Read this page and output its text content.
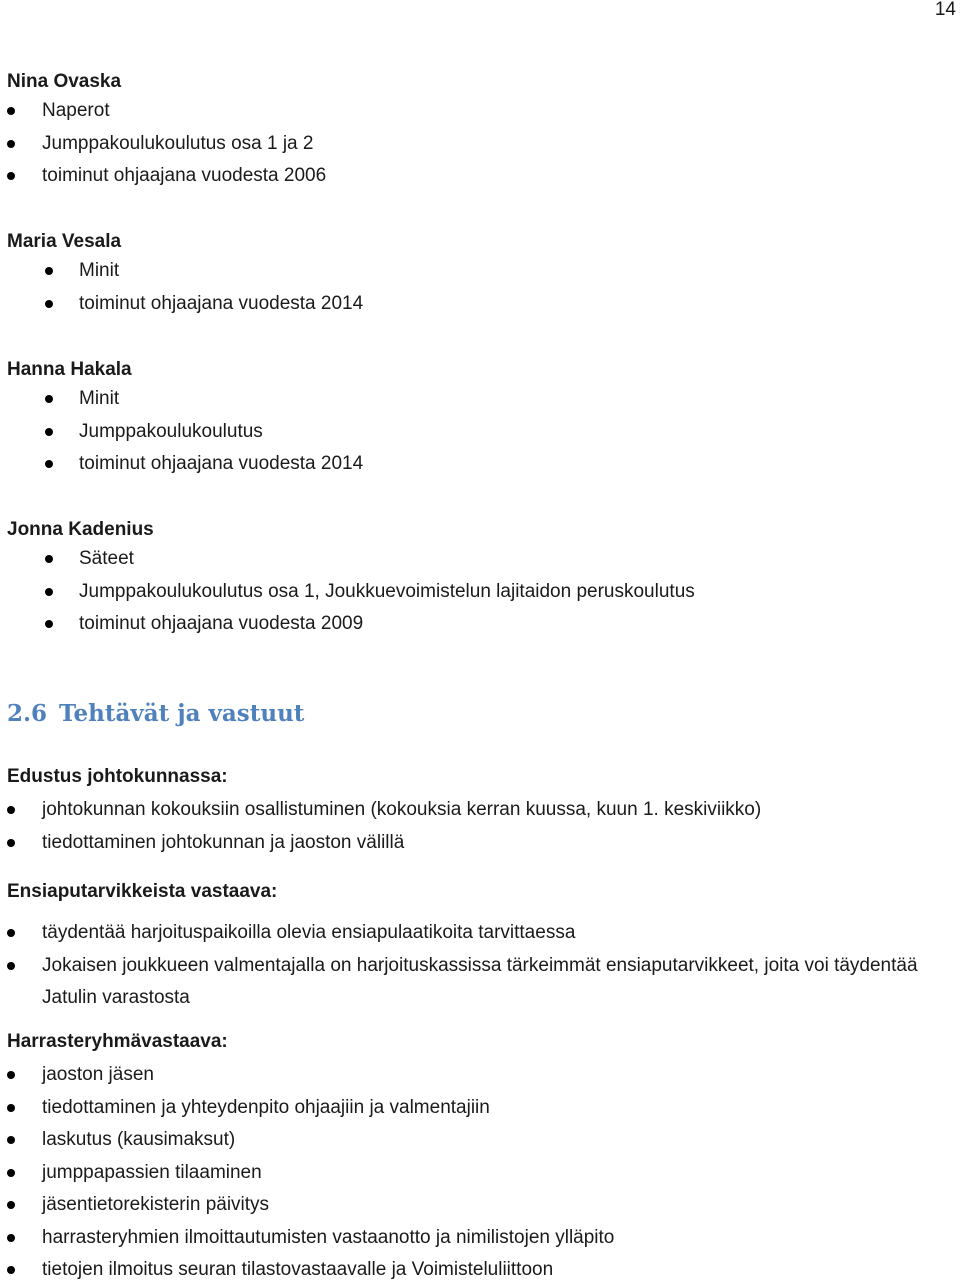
14
Nina Ovaska
Naperot
Jumppakoulukoulutus osa 1 ja 2
toiminut ohjaajana vuodesta 2006
Maria Vesala
Minit
toiminut ohjaajana vuodesta 2014
Hanna Hakala
Minit
Jumppakoulukoulutus
toiminut ohjaajana vuodesta 2014
Jonna Kadenius
Säteet
Jumppakoulukoulutus osa 1, Joukkuevoimistelun lajitaidon peruskoulutus
toiminut ohjaajana vuodesta 2009
2.6 Tehtävät ja vastuut
Edustus johtokunnassa:
johtokunnan kokouksiin osallistuminen (kokouksia kerran kuussa, kuun 1. keskiviikko)
tiedottaminen johtokunnan ja jaoston välillä
Ensiaputarvikkeista vastaava:
täydentää harjoituspaikoilla olevia ensiapulaatikoita tarvittaessa
Jokaisen joukkueen valmentajalla on harjoituskassissa tärkeimmät ensiaputarvikkeet, joita voi täydentää Jatulin varastosta
Harrasteryhmävastaava:
jaoston jäsen
tiedottaminen ja yhteydenpito ohjaajiin ja valmentajiin
laskutus (kausimaksut)
jumppapassien tilaaminen
jäsentietorekisterin päivitys
harrasteryhmien ilmoittautumisten vastaanotto ja nimilistojen ylläpito
tietojen ilmoitus seuran tilastovastaavalle ja Voimisteluliittoon
